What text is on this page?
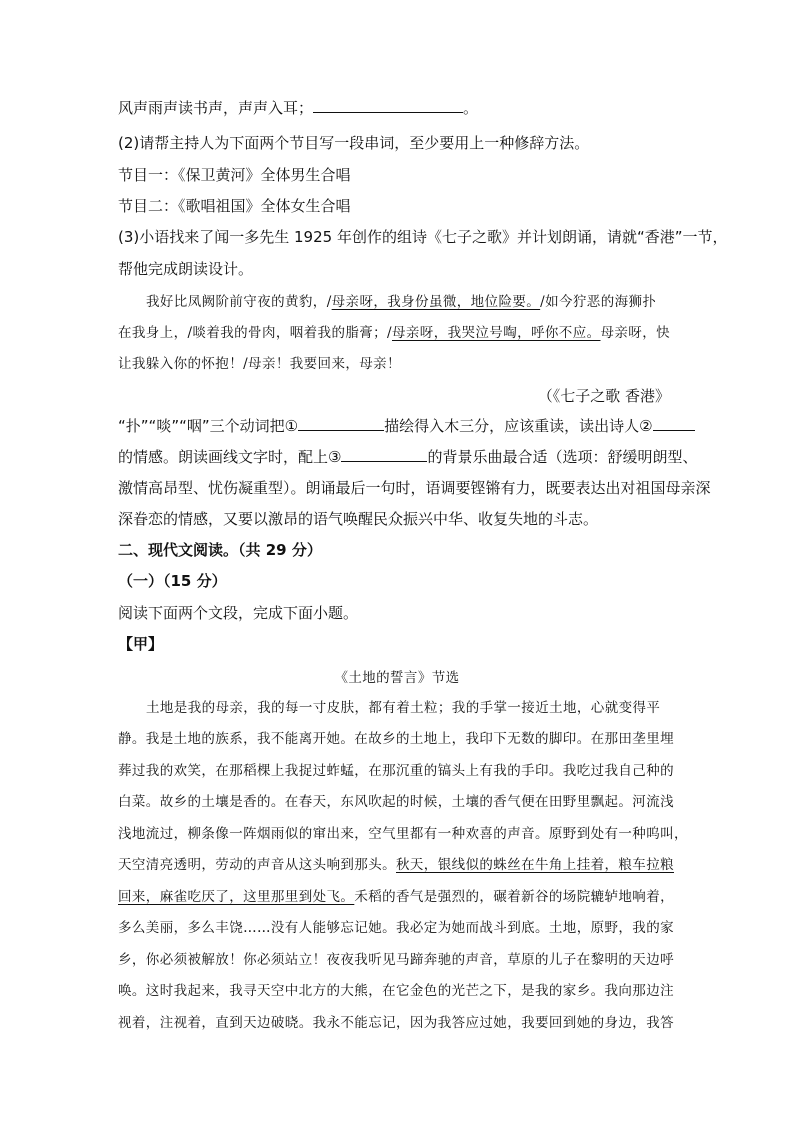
风声雨声读书声，声声入耳；	。
(2)请帮主持人为下面两个节目写一段串词，至少要用上一种修辞方法。
节目一：《保卫黄河》全体男生合唱
节目二：《歌唱祖国》全体女生合唱
(3)小语找来了闻一多先生 1925 年创作的组诗《七子之歌》并计划朗诵，请就“香港”一节，
帮他完成朗读设计。
我好比凤阙阶前守夜的黄豹，/母亲呀，我身份虽微，地位险要。/如今狞恶的海狮扑
在我身上，/啖着我的骨肉，咽着我的脂膏；/母亲呀，我哭泣号啕，呼你不应。母亲呀，快
让我躲入你的怀抱！/母亲！我要回来，母亲！
（《七子之歌 香港》
“扑”“啖”“咽”三个动词把①	描绘得入木三分，应该重读，读出诗人②
的情感。朗读画线文字时，配上③	的背景乐曲最合适（选项：舒缓明朗型、
激情高昂型、忧伤凝重型）。朗诵最后一句时，语调要铿锵有力，既要表达出对祖国母亲深
深眷恋的情感，又要以激昂的语气唤醒民众振兴中华、收复失地的斗志。
二、现代文阅读。（共 29 分）
（一）（15 分）
阅读下面两个文段，完成下面小题。
【甲】
《土地的誓言》节选
土地是我的母亲，我的每一寸皮肤，都有着土粒；我的手掌一接近土地，心就变得平
静。我是土地的族系，我不能离开她。在故乡的土地上，我印下无数的脚印。在那田垄里埋
葬过我的欢笑，在那稻棵上我捉过蚱蜢，在那沉重的镐头上有我的手印。我吃过我自己种的
白菜。故乡的土壤是香的。在春天，东风吹起的时候，土壤的香气便在田野里飘起。河流浅
浅地流过，柳条像一阵烟雨似的窜出来，空气里都有一种欢喜的声音。原野到处有一种呜叫，
天空清亮透明，劳动的声音从这头响到那头。秋天，银线似的蛛丝在牛角上挂着，粮车拉粮
回来，麻雀吃厌了，这里那里到处飞。禾稻的香气是强烈的，碾着新谷的场院辘轳地响着，
多么美丽，多么丰饶……没有人能够忘记她。我必定为她而战斗到底。土地，原野，我的家
乡，你必须被解放！你必须站立！夜夜我听见马蹄奔驰的声音，草原的儿子在黎明的天边呼
唤。这时我起来，我寻天空中北方的大熊，在它金色的光芒之下，是我的家乡。我向那边注
视着，注视着，直到天边破晓。我永不能忘记，因为我答应过她，我要回到她的身边，我答
